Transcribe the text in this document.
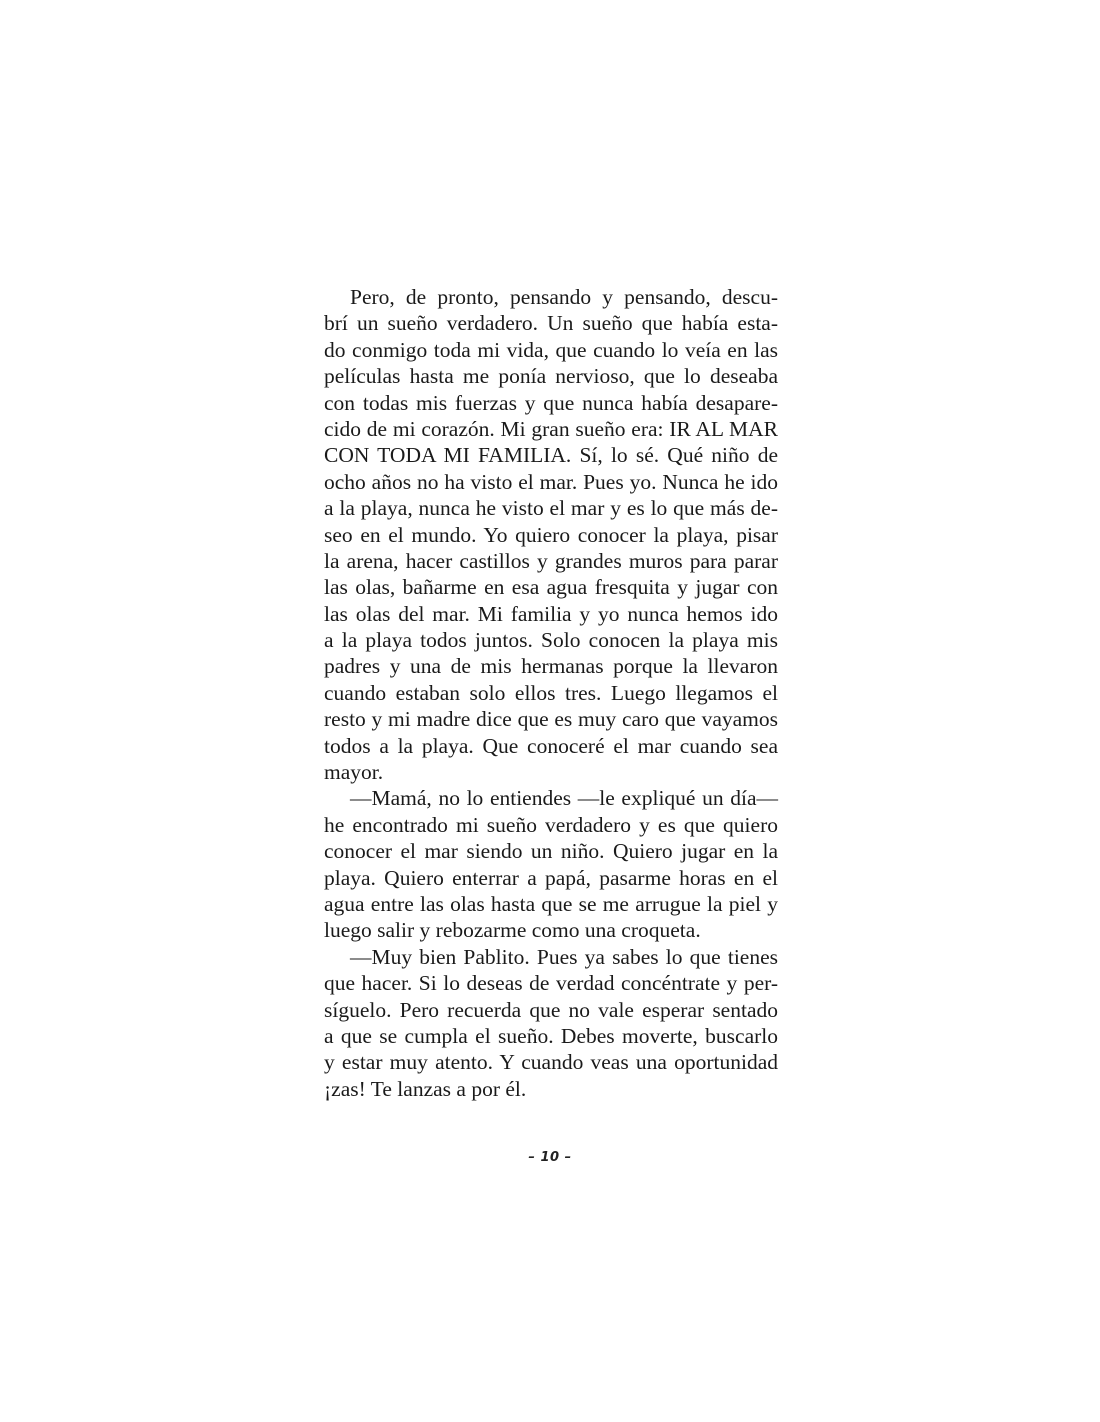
Pero, de pronto, pensando y pensando, descu-
brí un sueño verdadero. Un sueño que había esta-
do conmigo toda mi vida, que cuando lo veía en las
películas hasta me ponía nervioso, que lo deseaba
con todas mis fuerzas y que nunca había desapare-
cido de mi corazón. Mi gran sueño era: IR AL MAR
CON TODA MI FAMILIA. Sí, lo sé. Qué niño de
ocho años no ha visto el mar. Pues yo. Nunca he ido
a la playa, nunca he visto el mar y es lo que más de-
seo en el mundo. Yo quiero conocer la playa, pisar
la arena, hacer castillos y grandes muros para parar
las olas, bañarme en esa agua fresquita y jugar con
las olas del mar. Mi familia y yo nunca hemos ido
a la playa todos juntos. Solo conocen la playa mis
padres y una de mis hermanas porque la llevaron
cuando estaban solo ellos tres. Luego llegamos el
resto y mi madre dice que es muy caro que vayamos
todos a la playa. Que conoceré el mar cuando sea
mayor.
—Mamá, no lo entiendes —le expliqué un día—
he encontrado mi sueño verdadero y es que quiero
conocer el mar siendo un niño. Quiero jugar en la
playa. Quiero enterrar a papá, pasarme horas en el
agua entre las olas hasta que se me arrugue la piel y
luego salir y rebozarme como una croqueta.
—Muy bien Pablito. Pues ya sabes lo que tienes
que hacer. Si lo deseas de verdad concéntrate y per-
síguelo. Pero recuerda que no vale esperar sentado
a que se cumpla el sueño. Debes moverte, buscarlo
y estar muy atento. Y cuando veas una oportunidad
¡zas! Te lanzas a por él.
– 10 –
